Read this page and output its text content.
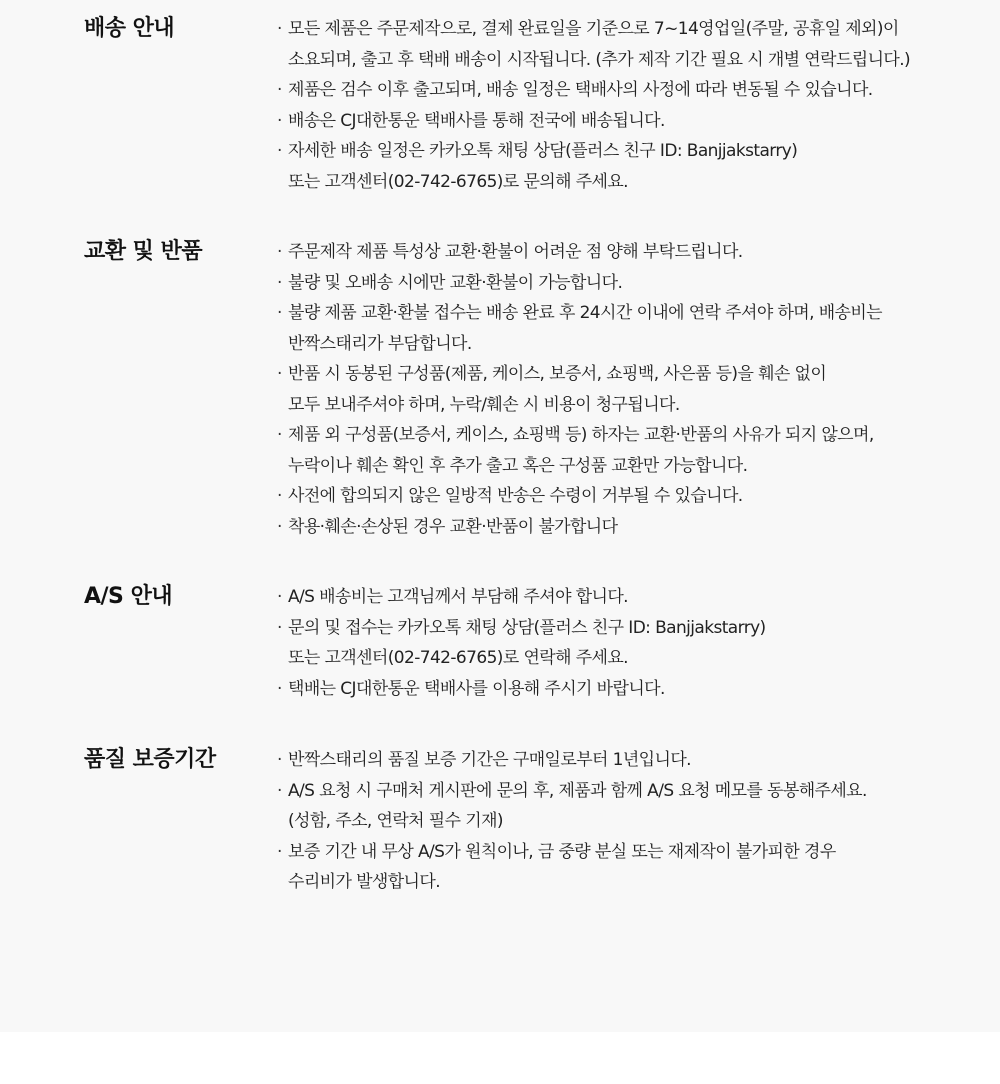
배송 안내	· 모든 제품은 주문제작으로, 결제 완료일을 기준으로 7~14영업일(주말, 공휴일 제외)이
소요되며, 출고 후 택배 배송이 시작됩니다. (추가 제작 기간 필요 시 개별 연락드립니다.)
· 제품은 검수 이후 출고되며, 배송 일정은 택배사의 사정에 따라 변동될 수 있습니다.
· 배송은 CJ대한통운 택배사를 통해 전국에 배송됩니다.
· 자세한 배송 일정은 카카오톡 채팅 상담(플러스 친구 ID: Banjjakstarry)
또는 고객센터(02-742-6765)로 문의해 주세요.
교환 및 반품	· 주문제작 제품 특성상 교환·환불이 어려운 점 양해 부탁드립니다.
· 불량 및 오배송 시에만 교환·환불이 가능합니다.
· 불량 제품 교환·환불 접수는 배송 완료 후 24시간 이내에 연락 주셔야 하며, 배송비는
반짝스태리가 부담합니다.
· 반품 시 동봉된 구성품(제품, 케이스, 보증서, 쇼핑백, 사은품 등)을 훼손 없이
모두 보내주셔야 하며, 누락/훼손 시 비용이 청구됩니다.
· 제품 외 구성품(보증서, 케이스, 쇼핑백 등) 하자는 교환·반품의 사유가 되지 않으며,
누락이나 훼손 확인 후 추가 출고 혹은 구성품 교환만 가능합니다.
· 사전에 합의되지 않은 일방적 반송은 수령이 거부될 수 있습니다.
· 착용·훼손·손상된 경우 교환·반품이 불가합니다
A/S 안내	· A/S 배송비는 고객님께서 부담해 주셔야 합니다.
· 문의 및 접수는 카카오톡 채팅 상담(플러스 친구 ID: Banjjakstarry)
또는 고객센터(02-742-6765)로 연락해 주세요.
· 택배는 CJ대한통운 택배사를 이용해 주시기 바랍니다.
품질 보증기간	· 반짝스태리의 품질 보증 기간은 구매일로부터 1년입니다.
· A/S 요청 시 구매처 게시판에 문의 후, 제품과 함께 A/S 요청 메모를 동봉해주세요.
(성함, 주소, 연락처 필수 기재)
· 보증 기간 내 무상 A/S가 원칙이나, 금 중량 분실 또는 재제작이 불가피한 경우
수리비가 발생합니다.
